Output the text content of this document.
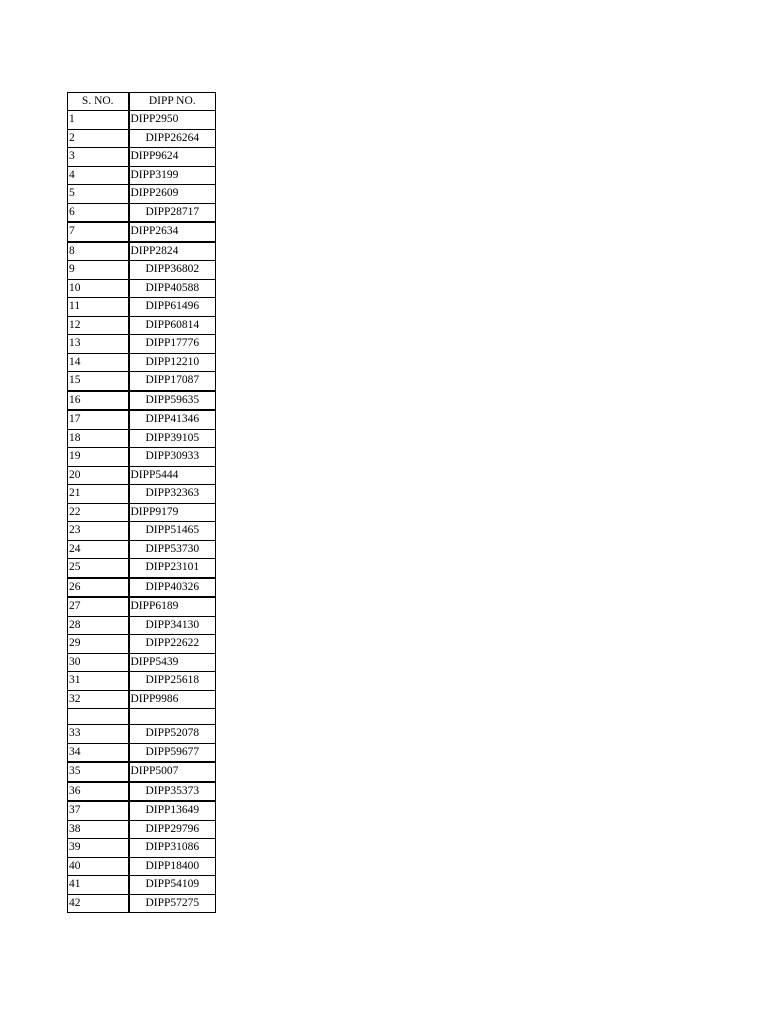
S. NO.	DIPP NO.
1	DIPP2950
2	DIPP26264
3	DIPP9624
4	DIPP3199
5	DIPP2609
6	DIPP28717
7	DIPP2634
8	DIPP2824
9	DIPP36802
10	DIPP40588
11	DIPP61496
12	DIPP60814
13	DIPP17776
14	DIPP12210
15	DIPP17087
16	DIPP59635
17	DIPP41346
18	DIPP39105
19	DIPP30933
20	DIPP5444
21	DIPP32363
22	DIPP9179
23	DIPP51465
24	DIPP53730
25	DIPP23101
26	DIPP40326
27	DIPP6189
28	DIPP34130
29	DIPP22622
30	DIPP5439
31	DIPP25618
32	DIPP9986

33	DIPP52078
34	DIPP59677
35	DIPP5007
36	DIPP35373
37	DIPP13649
38	DIPP29796
39	DIPP31086
40	DIPP18400
41	DIPP54109
42	DIPP57275
